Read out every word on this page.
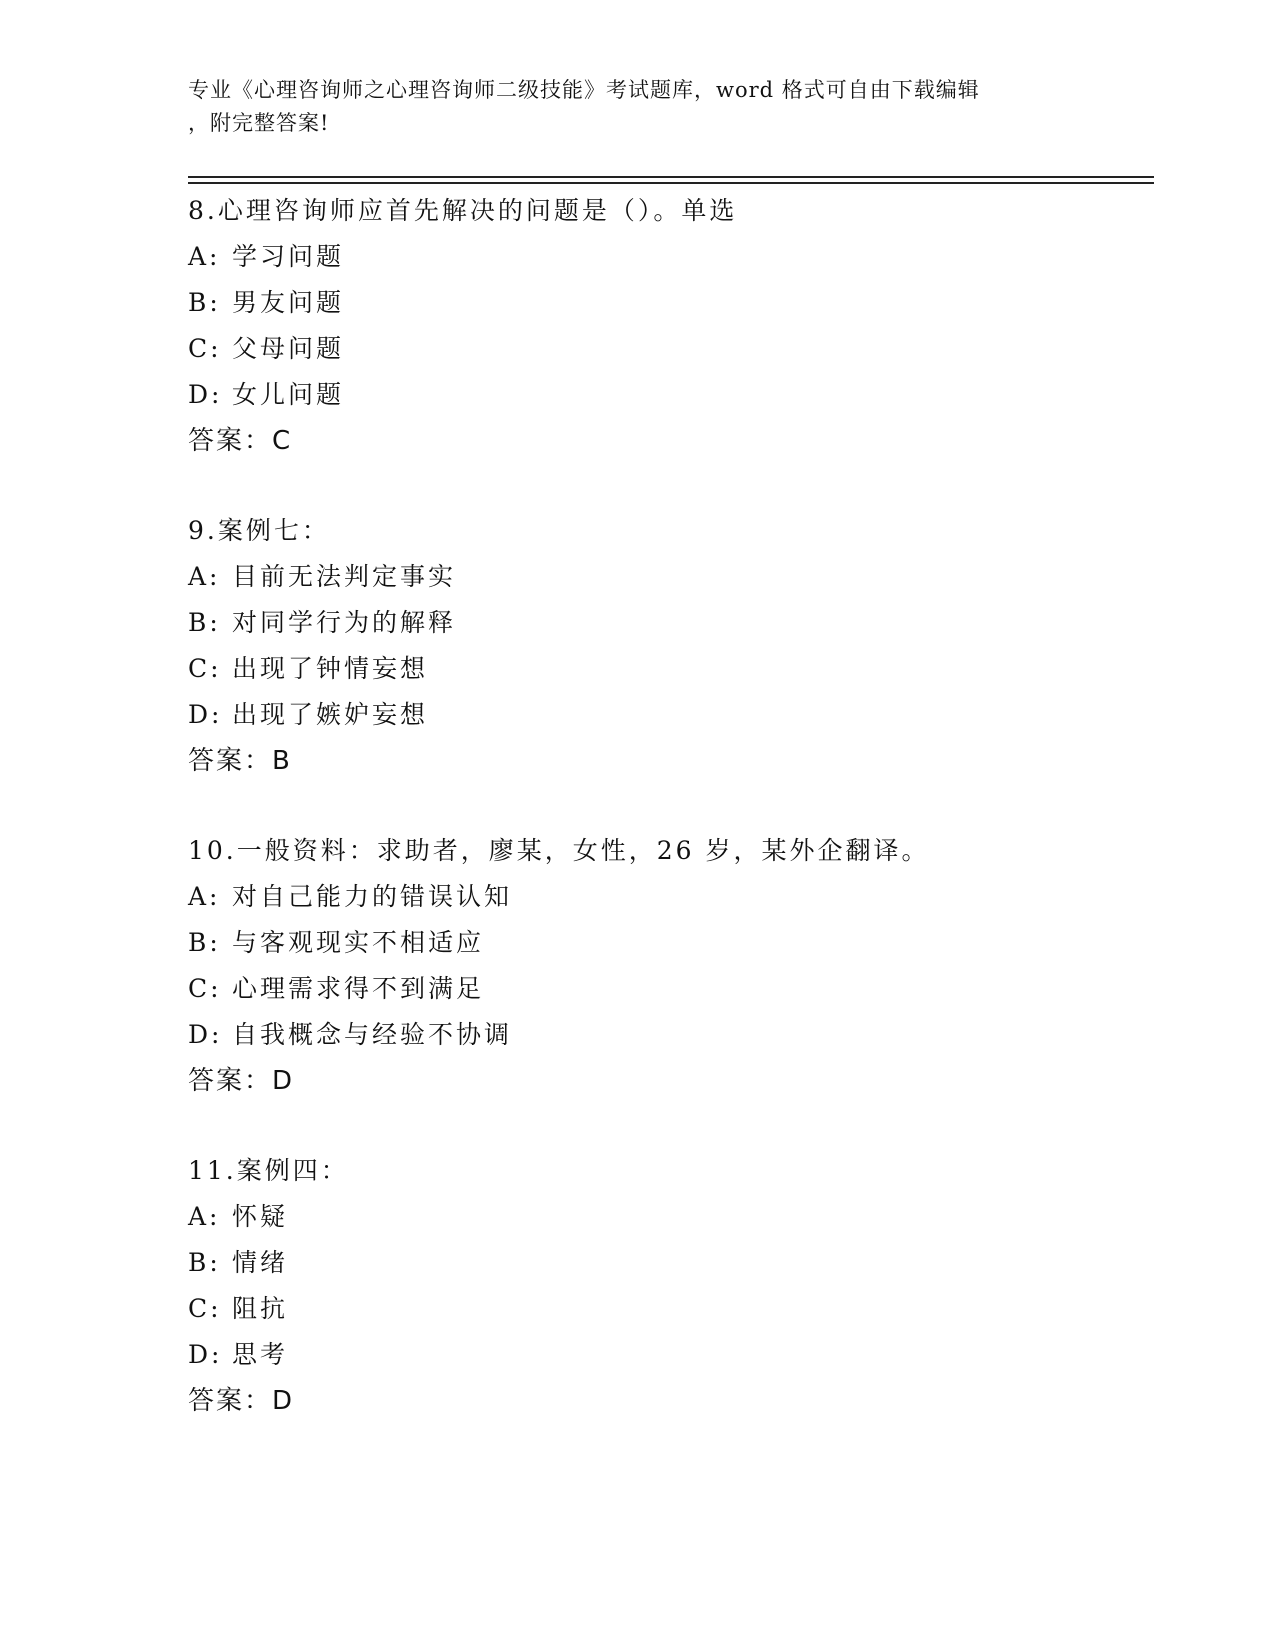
专业《心理咨询师之心理咨询师二级技能》考试题库，word 格式可自由下载编辑
，附完整答案!
8.心理咨询师应首先解决的问题是（）。单选
A: 学习问题
B: 男友问题
C: 父母问题
D: 女儿问题
答案：C
9.案例七：
A: 目前无法判定事实
B: 对同学行为的解释
C: 出现了钟情妄想
D: 出现了嫉妒妄想
答案：B
10.一般资料：求助者，廖某，女性，26 岁，某外企翻译。
A: 对自己能力的错误认知
B: 与客观现实不相适应
C: 心理需求得不到满足
D: 自我概念与经验不协调
答案：D
11.案例四：
A: 怀疑
B: 情绪
C: 阻抗
D: 思考
答案：D
